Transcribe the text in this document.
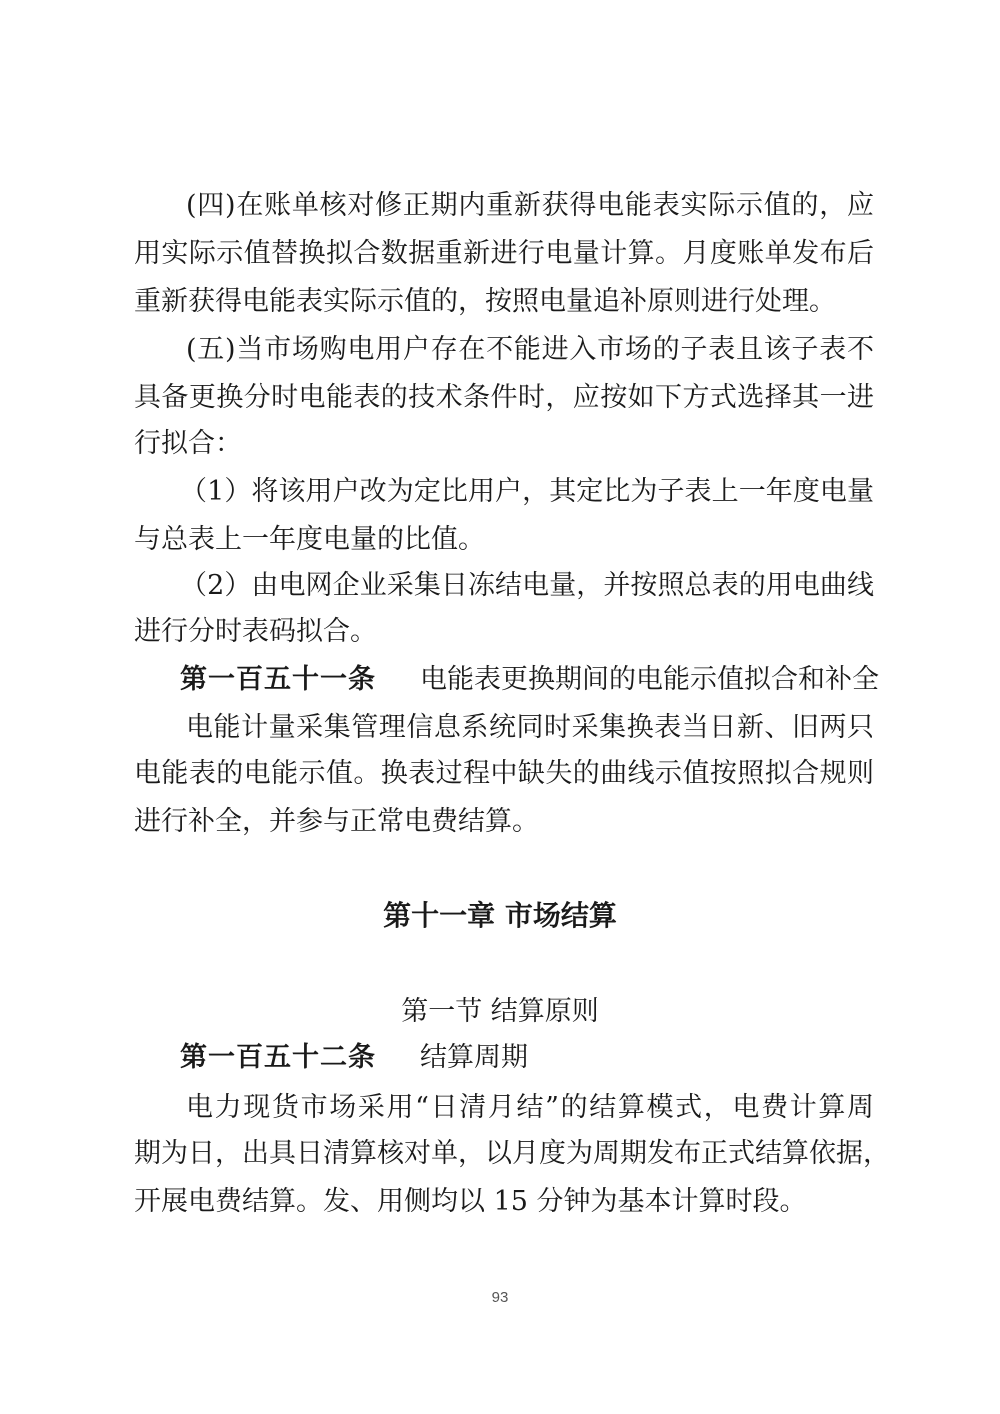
(四)在账单核对修正期内重新获得电能表实际示值的，应
用实际示值替换拟合数据重新进行电量计算。月度账单发布后
重新获得电能表实际示值的，按照电量追补原则进行处理。
(五)当市场购电用户存在不能进入市场的子表且该子表不
具备更换分时电能表的技术条件时，应按如下方式选择其一进
行拟合：
（1）将该用户改为定比用户，其定比为子表上一年度电量
与总表上一年度电量的比值。
（2）由电网企业采集日冻结电量，并按照总表的用电曲线
进行分时表码拟合。
第一百五十一条 电能表更换期间的电能示值拟合和补全
电能计量采集管理信息系统同时采集换表当日新、旧两只
电能表的电能示值。换表过程中缺失的曲线示值按照拟合规则
进行补全，并参与正常电费结算。
第十一章 市场结算
第一节 结算原则
第一百五十二条 结算周期
电力现货市场采用“日清月结”的结算模式，电费计算周
期为日，出具日清算核对单，以月度为周期发布正式结算依据，
开展电费结算。发、用侧均以 15 分钟为基本计算时段。
93
